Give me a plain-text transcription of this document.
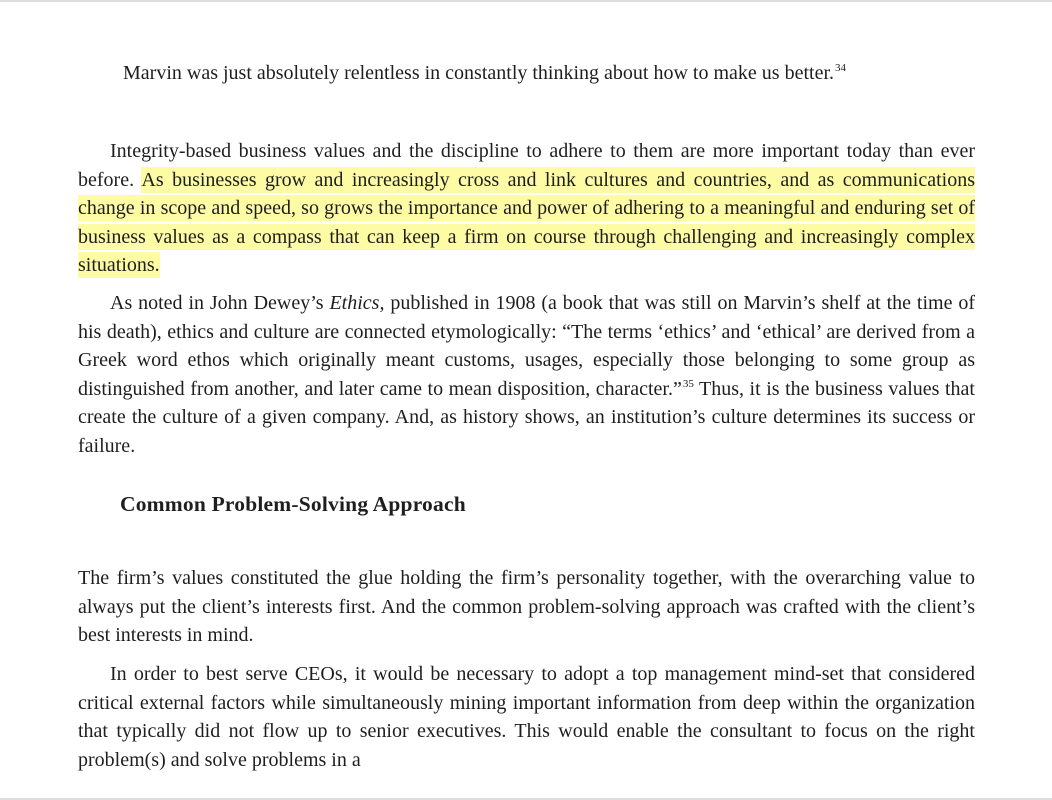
Marvin was just absolutely relentless in constantly thinking about how to make us better.$^{34}$

Integrity-based business values and the discipline to adhere to them are more important today than ever before. As businesses grow and increasingly cross and link cultures and countries, and as communications change in scope and speed, so grows the importance and power of adhering to a meaningful and enduring set of business values as a compass that can keep a firm on course through challenging and increasingly complex situations.

As noted in John Dewey’s Ethics, published in 1908 (a book that was still on Marvin’s shelf at the time of his death), ethics and culture are connected etymologically: “The terms ‘ethics’ and ‘ethical’ are derived from a Greek word ethos which originally meant customs, usages, especially those belonging to some group as distinguished from another, and later came to mean disposition, character.”$^{35}$ Thus, it is the business values that create the culture of a given company. And, as history shows, an institution’s culture determines its success or failure.

Common Problem-Solving Approach

The firm’s values constituted the glue holding the firm’s personality together, with the overarching value to always put the client’s interests first. And the common problem-solving approach was crafted with the client’s best interests in mind.

In order to best serve CEOs, it would be necessary to adopt a top management mind-set that considered critical external factors while simultaneously mining important information from deep within the organization that typically did not flow up to senior executives. This would enable the consultant to focus on the right problem(s) and solve problems in a
